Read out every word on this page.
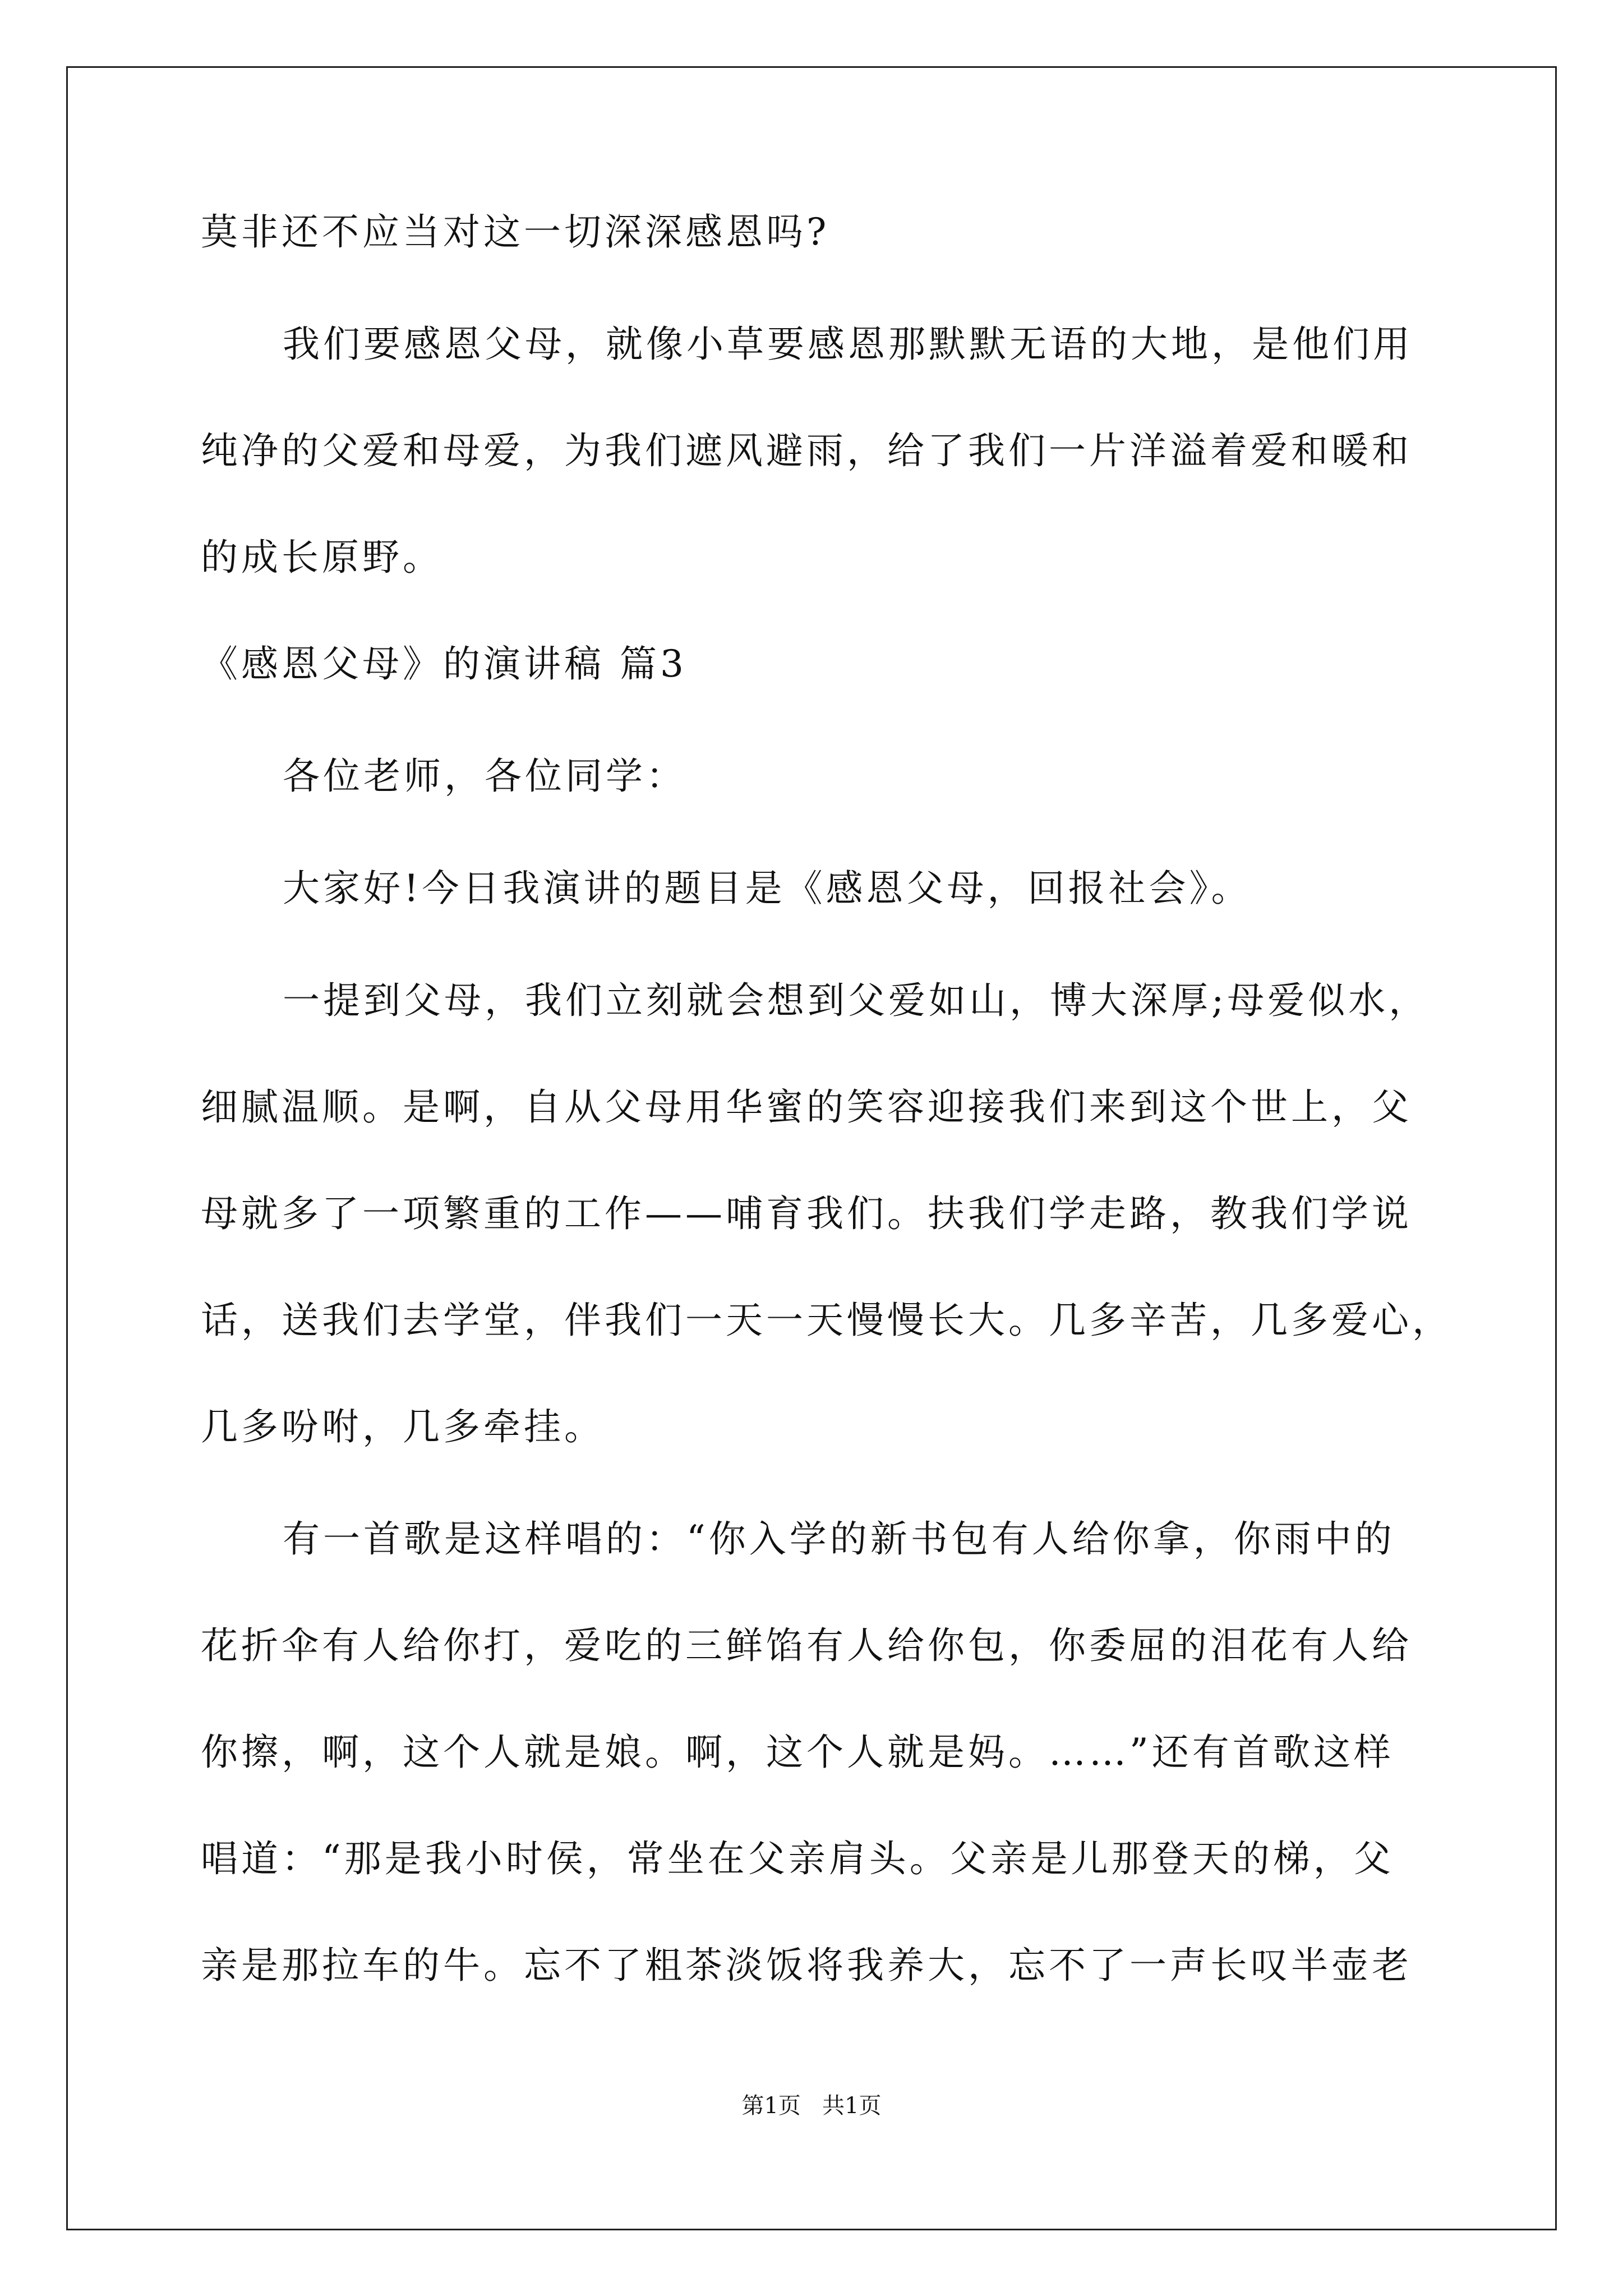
莫非还不应当对这一切深深感恩吗?
我们要感恩父母，就像小草要感恩那默默无语的大地，是他们用
纯净的父爱和母爱，为我们遮风避雨，给了我们一片洋溢着爱和暖和
的成长原野。
《感恩父母》的演讲稿 篇3
各位老师，各位同学：
大家好!今日我演讲的题目是《感恩父母，回报社会》。
一提到父母，我们立刻就会想到父爱如山，博大深厚;母爱似水，
细腻温顺。是啊，自从父母用华蜜的笑容迎接我们来到这个世上，父
母就多了一项繁重的工作——哺育我们。扶我们学走路，教我们学说
话，送我们去学堂，伴我们一天一天慢慢长大。几多辛苦，几多爱心，
几多吩咐，几多牵挂。
有一首歌是这样唱的：“你入学的新书包有人给你拿，你雨中的
花折伞有人给你打，爱吃的三鲜馅有人给你包，你委屈的泪花有人给
你擦，啊，这个人就是娘。啊，这个人就是妈。……”还有首歌这样
唱道：“那是我小时侯，常坐在父亲肩头。父亲是儿那登天的梯，父
亲是那拉车的牛。忘不了粗茶淡饭将我养大，忘不了一声长叹半壶老
第1页   共1页
